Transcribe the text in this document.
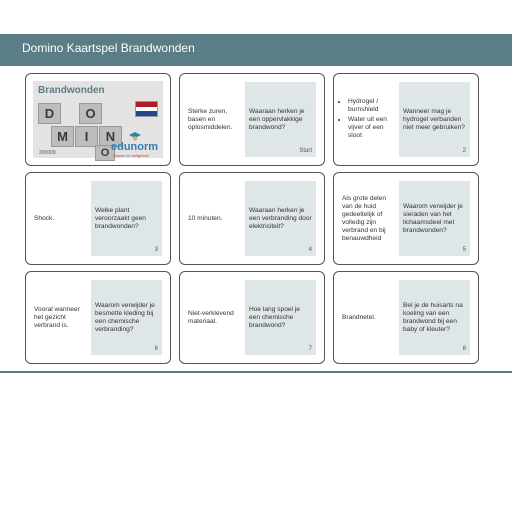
Domino Kaartspel Brandwonden
Brandwonden
D	O
M	I	N
O edunorm
Samen in veiligheid!
200009
Sterke zuren, basen en oplosmiddelen.
Waaraan herken je een oppervlakkige brandwond?
Start
• Hydrogel / burnshield
• Water uit een vijver of een sloot
Wanneer mag je hydrogel verbanden niet meer gebruiken?
2
Shock.
Welke plant veroorzaakt geen brandwonden?
3
10 minuten.
Waaraan herken je een verbranding door elektriciteit?
4
Als grote delen van de huid gedeeltelijk of volledig zijn verbrand en bij benauwdheid
Waarom verwijder je sieraden van het lichaamsdeel met brandwonden?
5
Vooral wanneer het gezicht verbrand is.
Waarom verwijder je besmette kleding bij een chemische verbranding?
6
Niet-verklevend materiaal.
Hoe lang spoel je een chemische brandwond?
7
Brandnetel.
Bel je de huisarts na koeling van een brandwond bij een baby of kleuter?
8
